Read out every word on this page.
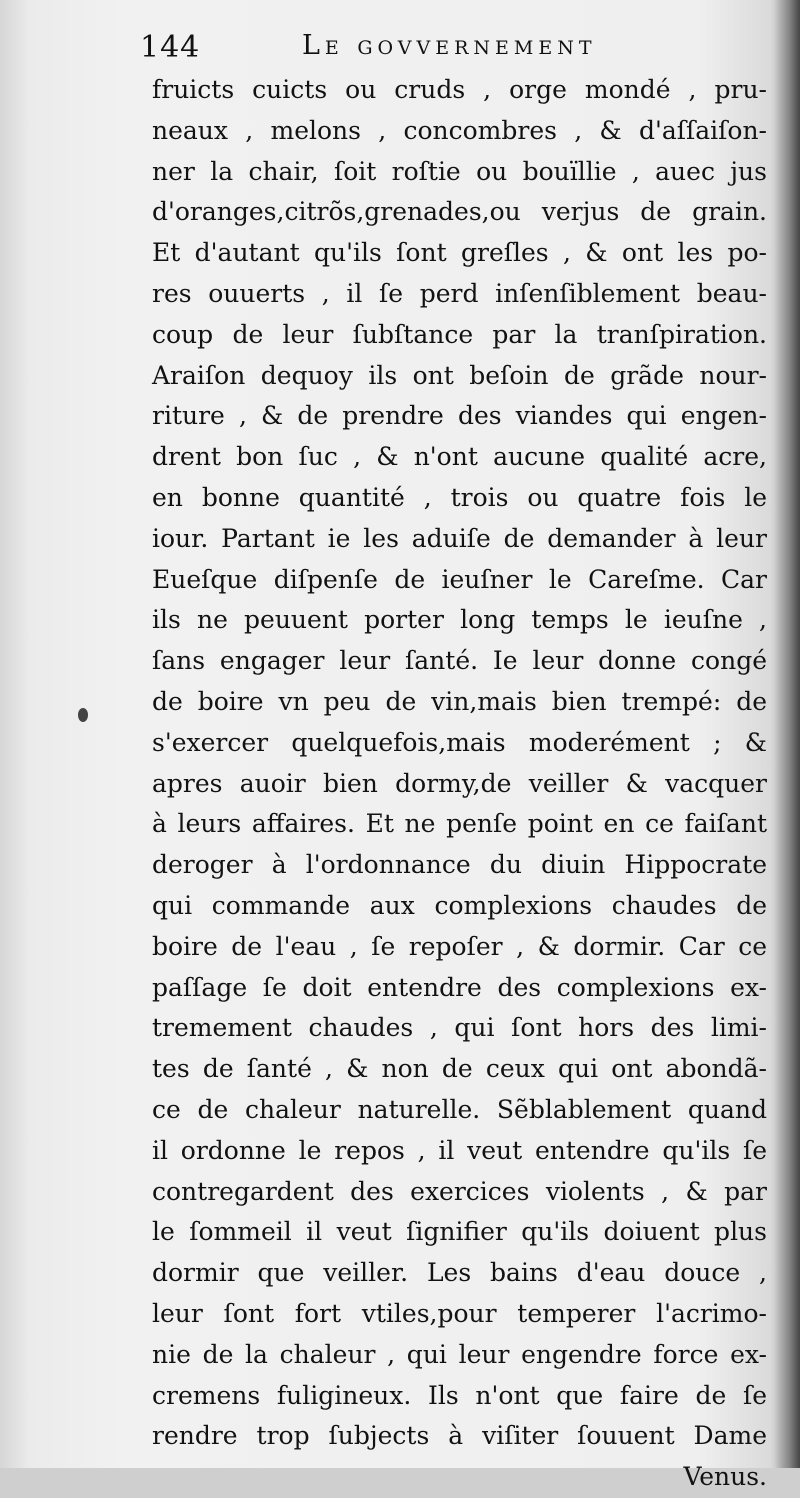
144	Le govvernement
fruicts cuicts ou cruds , orge mondé , pru-
neaux , melons , concombres , & d'aſſaiſon-
ner la chair, ſoit roſtie ou bouïllie , auec jus
d'oranges,citrõs,grenades,ou verjus de grain.
Et d'autant qu'ils ſont greſles , & ont les po-
res ouuerts , il ſe perd inſenſiblement beau-
coup de leur ſubſtance par la tranſpiration.
Araiſon dequoy ils ont beſoin de grãde nour-
riture , & de prendre des viandes qui engen-
drent bon ſuc , & n'ont aucune qualité acre,
en bonne quantité , trois ou quatre fois le
iour. Partant ie les aduiſe de demander à leur
Eueſque diſpenſe de ieuſner le Careſme. Car
ils ne peuuent porter long temps le ieuſne ,
ſans engager leur ſanté. Ie leur donne congé
de boire vn peu de vin,mais bien trempé: de
s'exercer quelquefois,mais moderément ; &
apres auoir bien dormy,de veiller & vacquer
à leurs affaires. Et ne penſe point en ce faiſant
deroger à l'ordonnance du diuin Hippocrate
qui commande aux complexions chaudes de
boire de l'eau , ſe repoſer , & dormir. Car ce
paſſage ſe doit entendre des complexions ex-
tremement chaudes , qui ſont hors des limi-
tes de ſanté , & non de ceux qui ont abondã-
ce de chaleur naturelle. Sẽblablement quand
il ordonne le repos , il veut entendre qu'ils ſe
contregardent des exercices violents , & par
le ſommeil il veut ſignifier qu'ils doiuent plus
dormir que veiller. Les bains d'eau douce ,
leur ſont fort vtiles,pour temperer l'acrimo-
nie de la chaleur , qui leur engendre force ex-
cremens fuligineux. Ils n'ont que faire de ſe
rendre trop ſubjects à viſiter ſouuent Dame
Venus.
